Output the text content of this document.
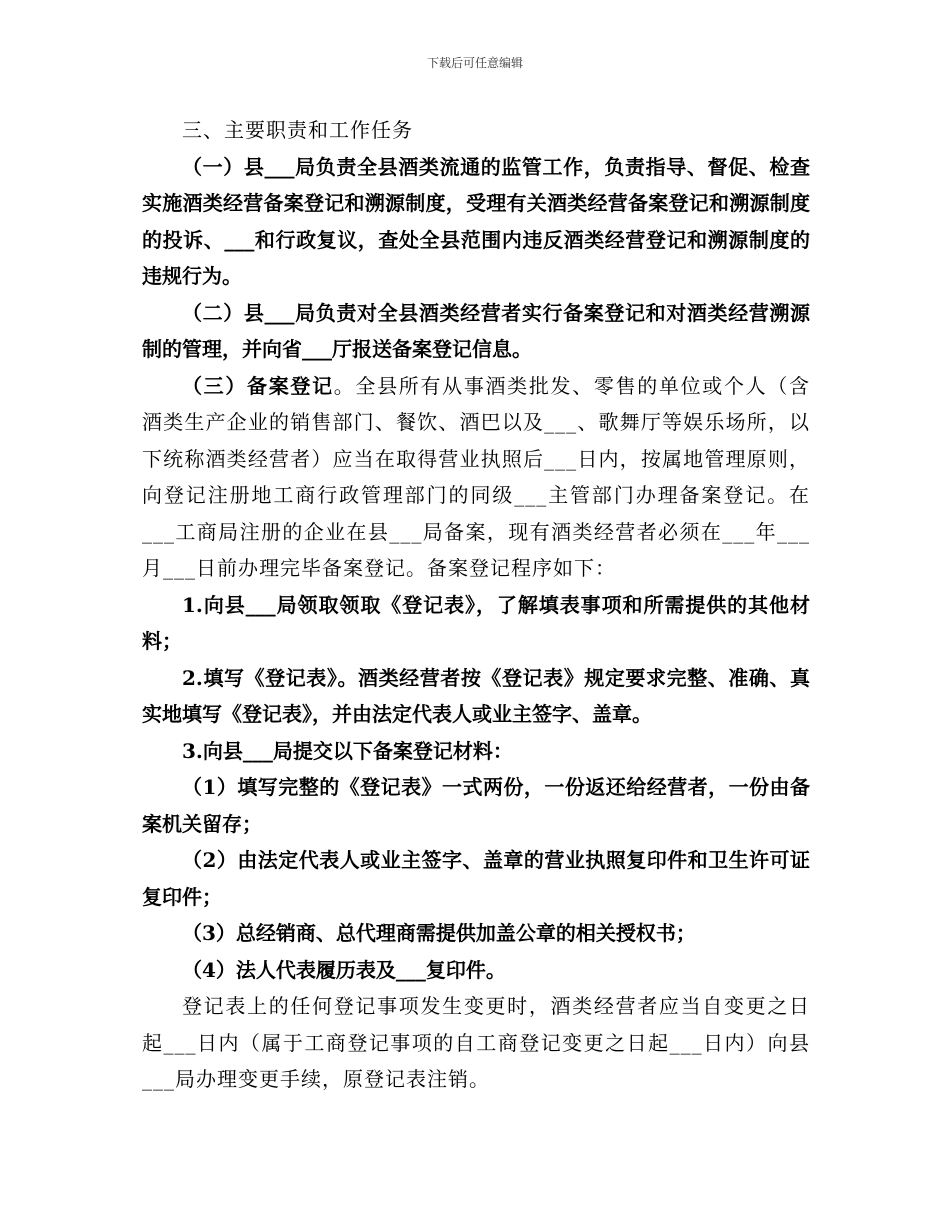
下载后可任意编辑

三、主要职责和工作任务

（一）县___局负责全县酒类流通的监管工作，负责指导、督促、检查实施酒类经营备案登记和溯源制度，受理有关酒类经营备案登记和溯源制度的投诉、___和行政复议，查处全县范围内违反酒类经营登记和溯源制度的违规行为。

（二）县___局负责对全县酒类经营者实行备案登记和对酒类经营溯源制的管理，并向省___厅报送备案登记信息。

（三）备案登记。全县所有从事酒类批发、零售的单位或个人（含酒类生产企业的销售部门、餐饮、酒巴以及___、歌舞厅等娱乐场所，以下统称酒类经营者）应当在取得营业执照后___日内，按属地管理原则，向登记注册地工商行政管理部门的同级___主管部门办理备案登记。在___工商局注册的企业在县___局备案，现有酒类经营者必须在___年___月___日前办理完毕备案登记。备案登记程序如下：

1.向县___局领取领取《登记表》，了解填表事项和所需提供的其他材料；

2.填写《登记表》。酒类经营者按《登记表》规定要求完整、准确、真实地填写《登记表》，并由法定代表人或业主签字、盖章。

3.向县___局提交以下备案登记材料：

（1）填写完整的《登记表》一式两份，一份返还给经营者，一份由备案机关留存；

（2）由法定代表人或业主签字、盖章的营业执照复印件和卫生许可证复印件；

（3）总经销商、总代理商需提供加盖公章的相关授权书；

（4）法人代表履历表及___复印件。

登记表上的任何登记事项发生变更时，酒类经营者应当自变更之日起___日内（属于工商登记事项的自工商登记变更之日起___日内）向县___局办理变更手续，原登记表注销。
